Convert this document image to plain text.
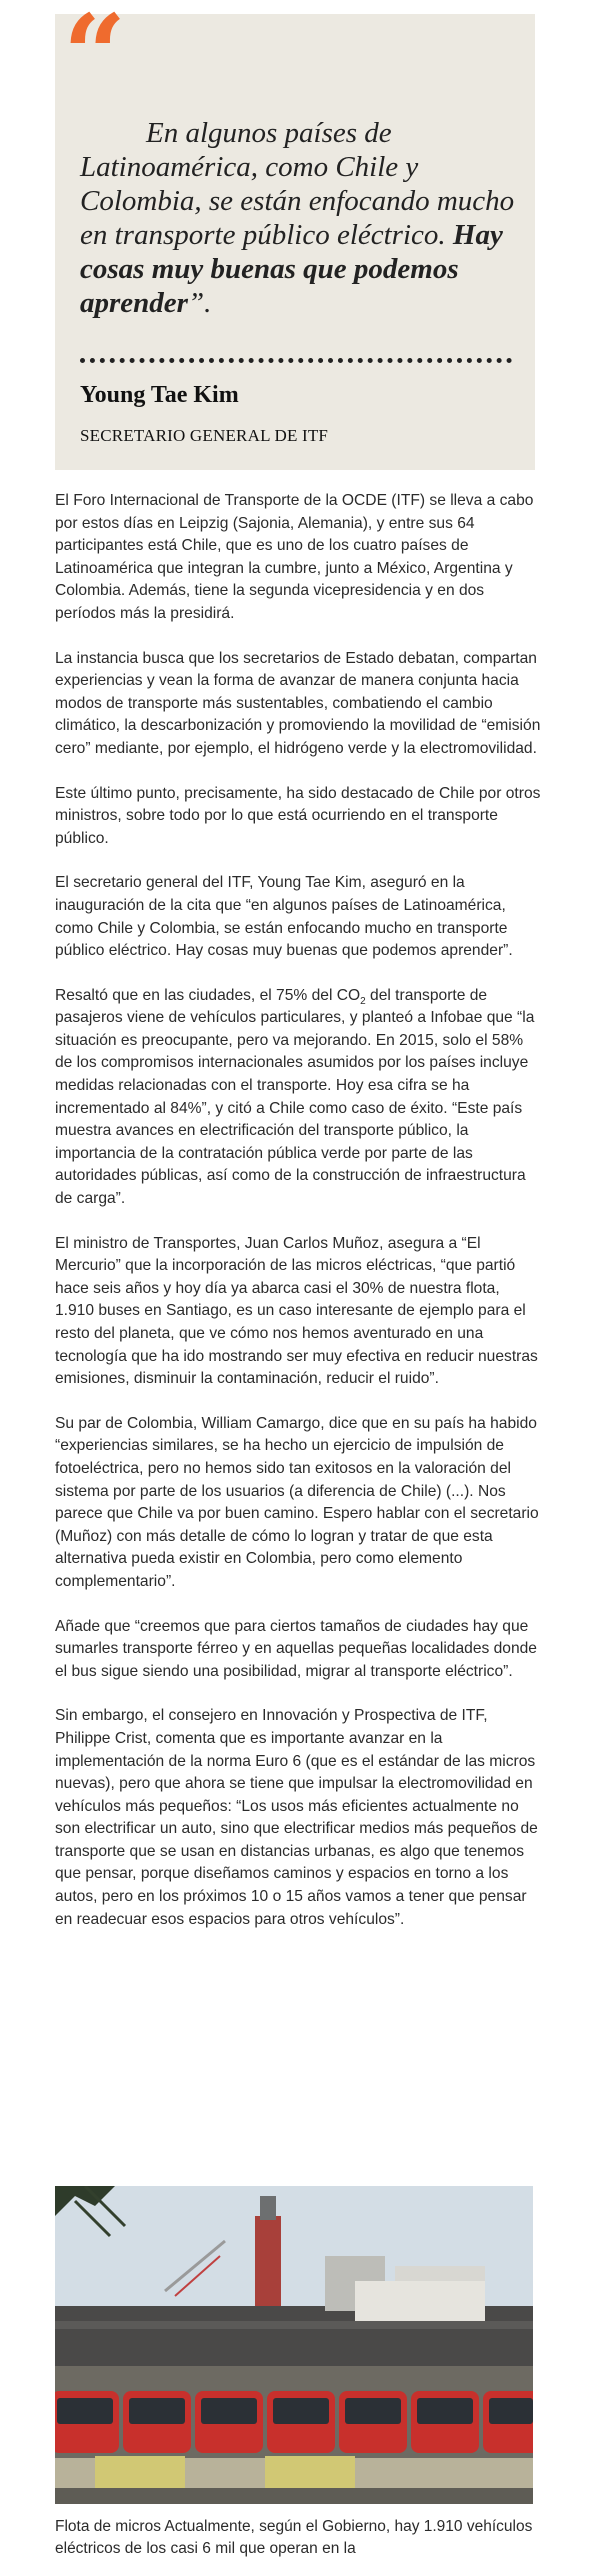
“
En algunos países de Latinoamérica, como Chile y Colombia, se están enfocando mucho en transporte público eléctrico. Hay cosas muy buenas que podemos aprender”.
Young Tae Kim
SECRETARIO GENERAL DE ITF

El Foro Internacional de Transporte de la OCDE (ITF) se lleva a cabo por estos días en Leipzig (Sajonia, Alemania), y entre sus 64 participantes está Chile, que es uno de los cuatro países de Latinoamérica que integran la cumbre, junto a México, Argentina y Colombia. Además, tiene la segunda vicepresidencia y en dos períodos más la presidirá.

La instancia busca que los secretarios de Estado debatan, compartan experiencias y vean la forma de avanzar de manera conjunta hacia modos de transporte más sustentables, combatiendo el cambio climático, la descarbonización y promoviendo la movilidad de “emisión cero” mediante, por ejemplo, el hidrógeno verde y la electromovilidad.

Este último punto, precisamente, ha sido destacado de Chile por otros ministros, sobre todo por lo que está ocurriendo en el transporte público.

El secretario general del ITF, Young Tae Kim, aseguró en la inauguración de la cita que “en algunos países de Latinoamérica, como Chile y Colombia, se están enfocando mucho en transporte público eléctrico. Hay cosas muy buenas que podemos aprender”.

Resaltó que en las ciudades, el 75% del $CO_2$ del transporte de pasajeros viene de vehículos particulares, y planteó a Infobae que “la situación es preocupante, pero va mejorando. En 2015, solo el 58% de los compromisos internacionales asumidos por los países incluye medidas relacionadas con el transporte. Hoy esa cifra se ha incrementado al 84%”, y citó a Chile como caso de éxito. “Este país muestra avances en electrificación del transporte público, la importancia de la contratación pública verde por parte de las autoridades públicas, así como de la construcción de infraestructura de carga”.

El ministro de Transportes, Juan Carlos Muñoz, asegura a “El Mercurio” que la incorporación de las micros eléctricas, “que partió hace seis años y hoy día ya abarca casi el 30% de nuestra flota, 1.910 buses en Santiago, es un caso interesante de ejemplo para el resto del planeta, que ve cómo nos hemos aventurado en una tecnología que ha ido mostrando ser muy efectiva en reducir nuestras emisiones, disminuir la contaminación, reducir el ruido”.

Su par de Colombia, William Camargo, dice que en su país ha habido “experiencias similares, se ha hecho un ejercicio de impulsión de fotoeléctrica, pero no hemos sido tan exitosos en la valoración del sistema por parte de los usuarios (a diferencia de Chile) (...). Nos parece que Chile va por buen camino. Espero hablar con el secretario (Muñoz) con más detalle de cómo lo logran y tratar de que esta alternativa pueda existir en Colombia, pero como elemento complementario”.

Añade que “creemos que para ciertos tamaños de ciudades hay que sumarles transporte férreo y en aquellas pequeñas localidades donde el bus sigue siendo una posibilidad, migrar al transporte eléctrico”.

Sin embargo, el consejero en Innovación y Prospectiva de ITF, Philippe Crist, comenta que es importante avanzar en la implementación de la norma Euro 6 (que es el estándar de las micros nuevas), pero que ahora se tiene que impulsar la electromovilidad en vehículos más pequeños: “Los usos más eficientes actualmente no son electrificar un auto, sino que electrificar medios más pequeños de transporte que se usan en distancias urbanas, es algo que tenemos que pensar, porque diseñamos caminos y espacios en torno a los autos, pero en los próximos 10 o 15 años vamos a tener que pensar en readecuar esos espacios para otros vehículos”.

Flota de micros Actualmente, según el Gobierno, hay 1.910 vehículos eléctricos de los casi 6 mil que operan en la
